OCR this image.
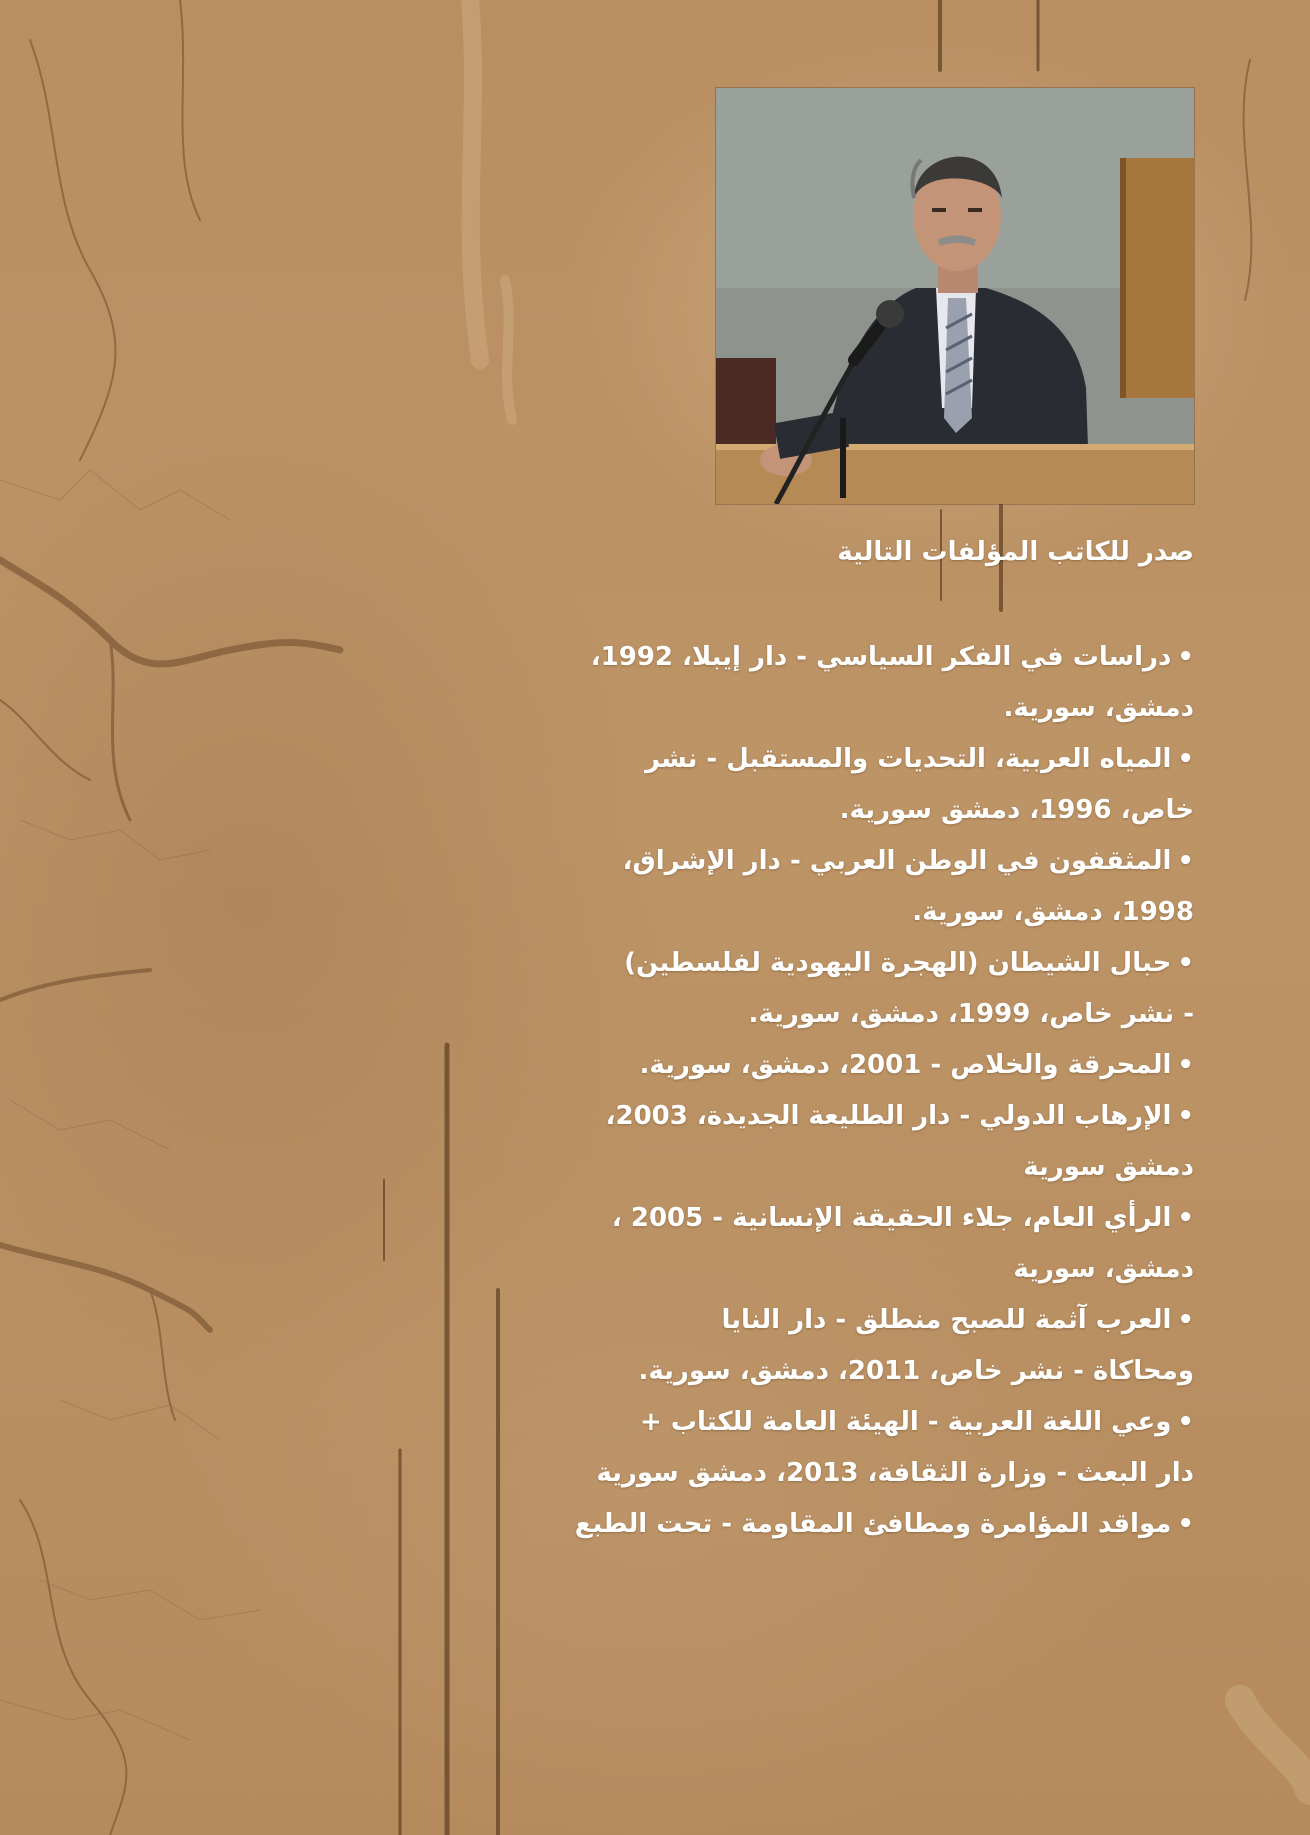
صدر للكاتب المؤلفات التالية
•دراسات في الفكر السياسي - دار إيبلا، 1992،
دمشق، سورية.
•المياه العربية، التحديات والمستقبل - نشر
خاص، 1996، دمشق سورية.
•المثقفون في الوطن العربي - دار الإشراق،
1998، دمشق، سورية.
•حبال الشيطان (الهجرة اليهودية لفلسطين)
- نشر خاص، 1999، دمشق، سورية.
•المحرقة والخلاص - 2001، دمشق، سورية.
•الإرهاب الدولي - دار الطليعة الجديدة، 2003،
دمشق سورية
•الرأي العام، جلاء الحقيقة الإنسانية - 2005 ،
دمشق، سورية
•العرب آثمة للصبح منطلق - دار النايا
ومحاكاة - نشر خاص، 2011، دمشق، سورية.
•وعي اللغة العربية - الهيئة العامة للكتاب +
دار البعث - وزارة الثقافة، 2013، دمشق سورية
•مواقد المؤامرة ومطافئ المقاومة - تحت الطبع
